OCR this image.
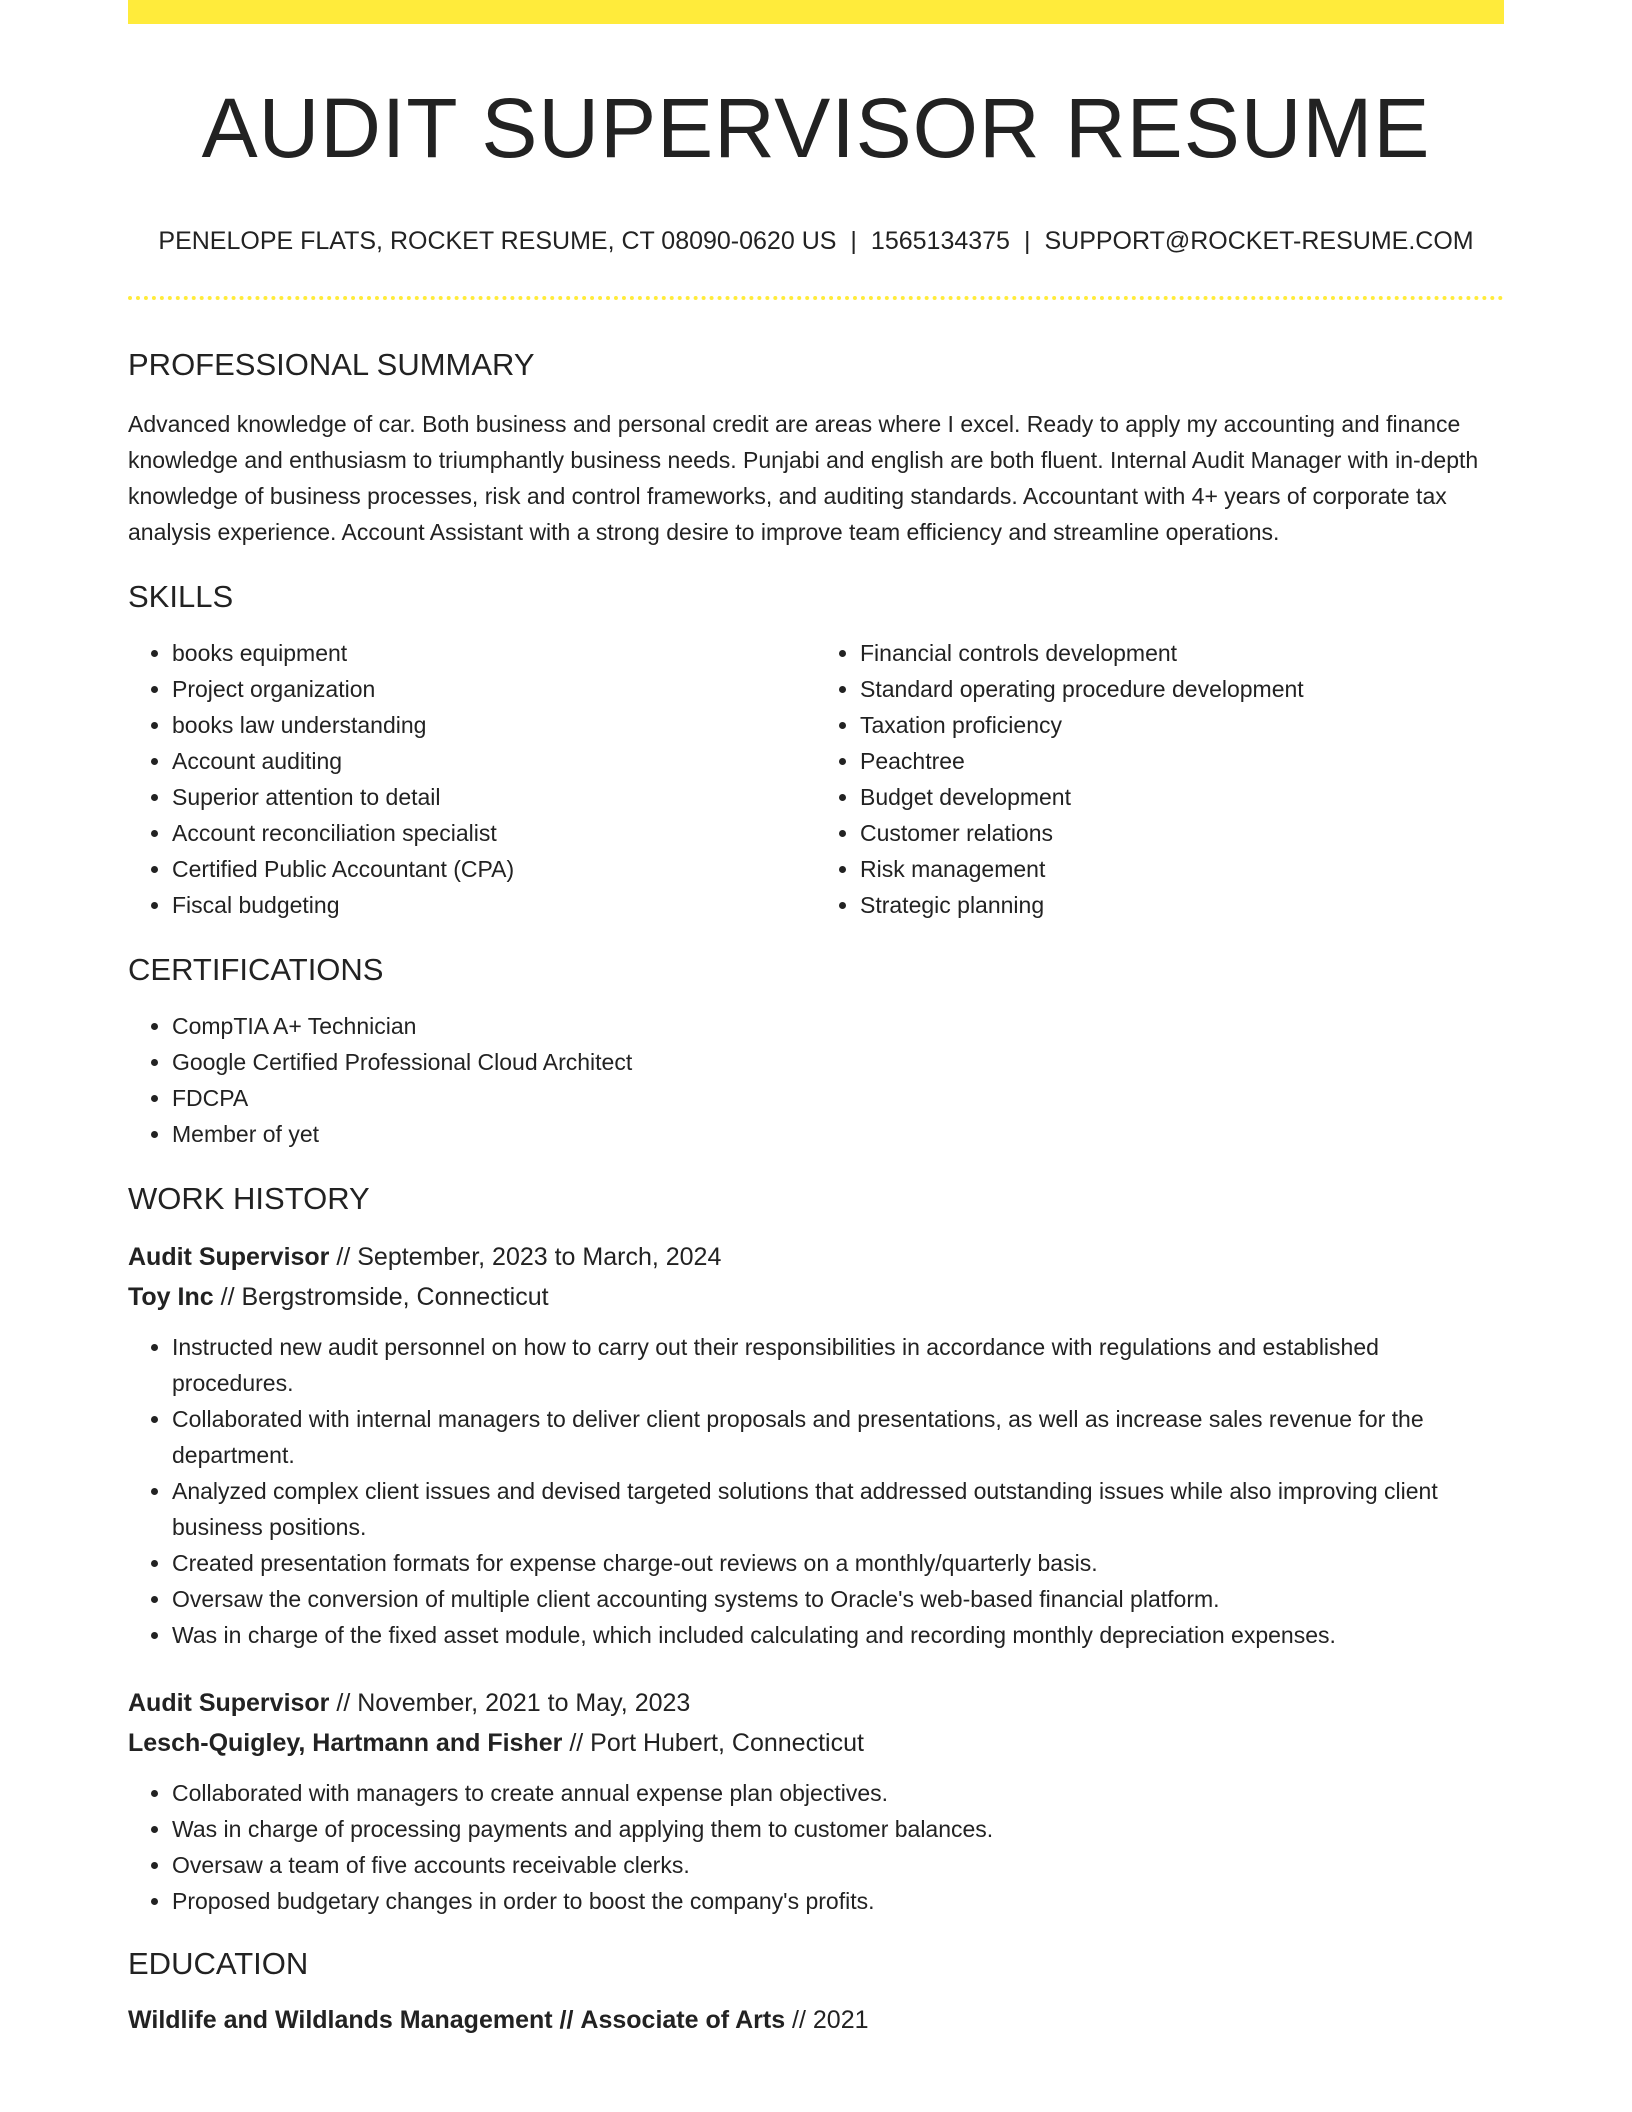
AUDIT SUPERVISOR RESUME
PENELOPE FLATS, ROCKET RESUME, CT 08090-0620 US | 1565134375 | SUPPORT@ROCKET-RESUME.COM
PROFESSIONAL SUMMARY

Advanced knowledge of car. Both business and personal credit are areas where I excel. Ready to apply my accounting and finance knowledge and enthusiasm to triumphantly business needs. Punjabi and english are both fluent. Internal Audit Manager with in-depth knowledge of business processes, risk and control frameworks, and auditing standards. Accountant with 4+ years of corporate tax analysis experience. Account Assistant with a strong desire to improve team efficiency and streamline operations.

SKILLS
• books equipment
• Project organization
• books law understanding
• Account auditing
• Superior attention to detail
• Account reconciliation specialist
• Certified Public Accountant (CPA)
• Fiscal budgeting
• Financial controls development
• Standard operating procedure development
• Taxation proficiency
• Peachtree
• Budget development
• Customer relations
• Risk management
• Strategic planning
CERTIFICATIONS
• CompTIA A+ Technician
• Google Certified Professional Cloud Architect
• FDCPA
• Member of yet
WORK HISTORY
Audit Supervisor // September, 2023 to March, 2024
Toy Inc // Bergstromside, Connecticut
• Instructed new audit personnel on how to carry out their responsibilities in accordance with regulations and established procedures.
• Collaborated with internal managers to deliver client proposals and presentations, as well as increase sales revenue for the department.
• Analyzed complex client issues and devised targeted solutions that addressed outstanding issues while also improving client business positions.
• Created presentation formats for expense charge-out reviews on a monthly/quarterly basis.
• Oversaw the conversion of multiple client accounting systems to Oracle's web-based financial platform.
• Was in charge of the fixed asset module, which included calculating and recording monthly depreciation expenses.
Audit Supervisor // November, 2021 to May, 2023
Lesch-Quigley, Hartmann and Fisher // Port Hubert, Connecticut
• Collaborated with managers to create annual expense plan objectives.
• Was in charge of processing payments and applying them to customer balances.
• Oversaw a team of five accounts receivable clerks.
• Proposed budgetary changes in order to boost the company's profits.
EDUCATION
Wildlife and Wildlands Management // Associate of Arts // 2021
